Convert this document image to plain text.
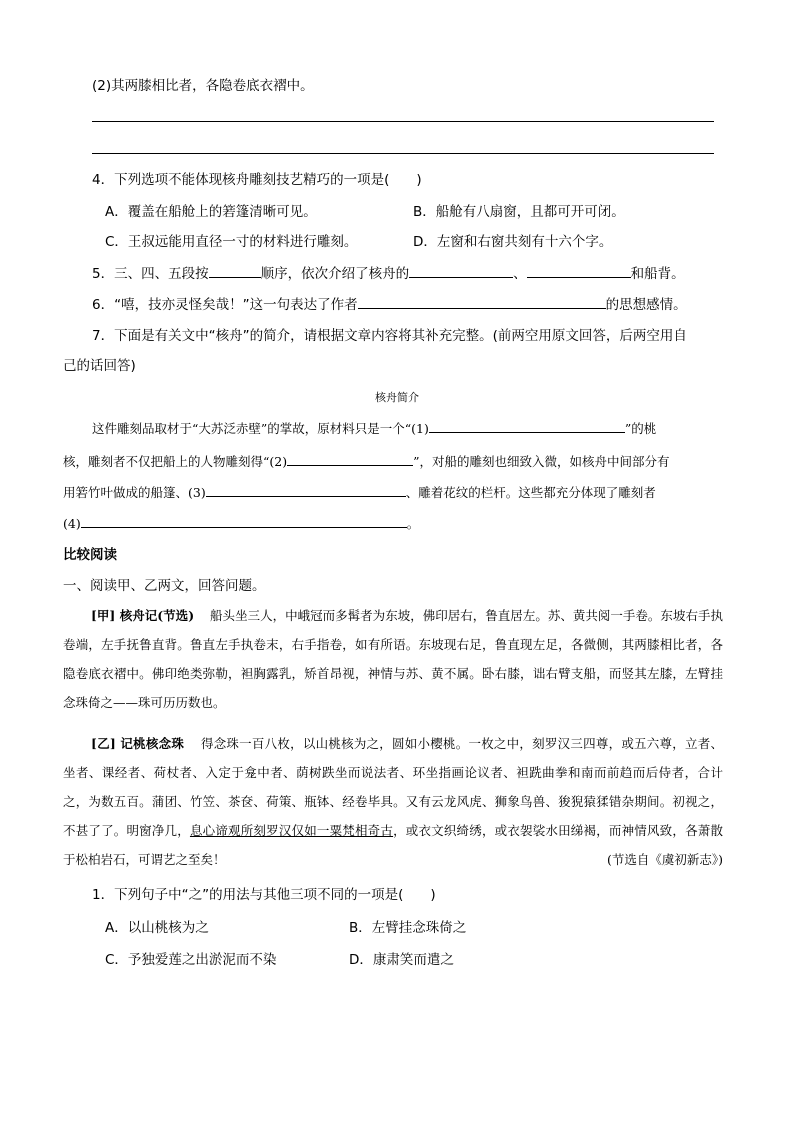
(2)其两膝相比者，各隐卷底衣褶中。
4．下列选项不能体现核舟雕刻技艺精巧的一项是(　　)
A．覆盖在船舱上的箬篷清晰可见。	B．船舱有八扇窗，且都可开可闭。
C．王叔远能用直径一寸的材料进行雕刻。	D．左窗和右窗共刻有十六个字。
5．三、四、五段按	顺序，依次介绍了核舟的	、	和船背。
6．“嘻，技亦灵怪矣哉！”这一句表达了作者	的思想感情。
7．下面是有关文中“核舟”的简介，请根据文章内容将其补充完整。(前两空用原文回答，后两空用自
己的话回答)
核舟简介
这件雕刻品取材于“大苏泛赤壁”的掌故，原材料只是一个“(1)	”的桃
核，雕刻者不仅把船上的人物雕刻得“(2)	”，对船的雕刻也细致入微，如核舟中间部分有
用箬竹叶做成的船篷、(3)	、雕着花纹的栏杆。这些都充分体现了雕刻者
(4)	。
比较阅读
一、阅读甲、乙两文，回答问题。
[甲] 核舟记(节选) 船头坐三人，中峨冠而多髯者为东坡，佛印居右，鲁直居左。苏、黄共阅一手卷。东坡右手执卷端，左手抚鲁直背。鲁直左手执卷末，右手指卷，如有所语。东坡现右足，鲁直现左足，各微侧，其两膝相比者，各隐卷底衣褶中。佛印绝类弥勒，袒胸露乳，矫首昂视，神情与苏、黄不属。卧右膝，诎右臂支船，而竖其左膝，左臂挂念珠倚之——珠可历历数也。
[乙] 记桃核念珠 得念珠一百八枚，以山桃核为之，圆如小樱桃。一枚之中，刻罗汉三四尊，或五六尊，立者、坐者、课经者、荷杖者、入定于龛中者、荫树跌坐而说法者、环坐指画论议者、袒跣曲拳和南而前趋而后侍者，合计之，为数五百。蒲团、竹笠、茶奁、荷策、瓶钵、经卷毕具。又有云龙风虎、狮象鸟兽、狻猊猿猱错杂期间。初视之，不甚了了。明窗净几，息心谛观所刻罗汉仅如一粟梵相奇古，或衣文织绮绣，或衣袈裟水田绨褐，而神情风致，各萧散于松柏岩石，可谓艺之至矣！	(节选自《虞初新志》)
1．下列句子中“之”的用法与其他三项不同的一项是(　　)
A．以山桃核为之	B．左臂挂念珠倚之
C．予独爱莲之出淤泥而不染	D．康肃笑而遣之
